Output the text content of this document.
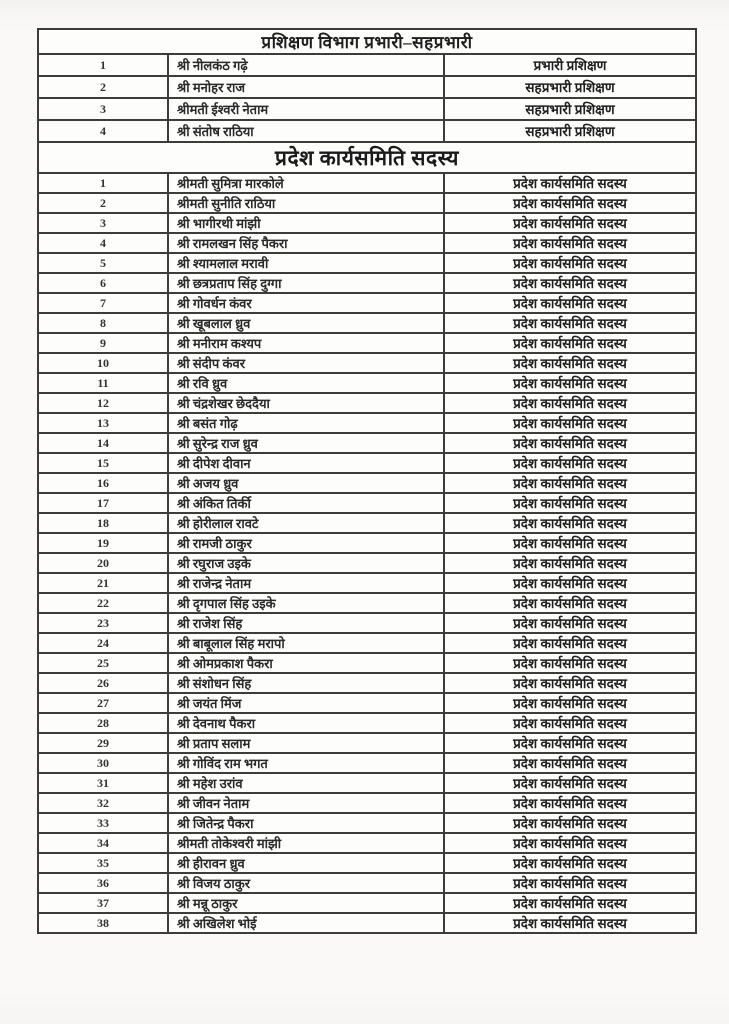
प्रशिक्षण विभाग प्रभारी–सहप्रभारी		
1	श्री नीलकंठ गढ़े	प्रभारी प्रशिक्षण
2	श्री मनोहर राज	सहप्रभारी प्रशिक्षण
3	श्रीमती ईश्वरी नेताम	सहप्रभारी प्रशिक्षण
4	श्री संतोष राठिया	सहप्रभारी प्रशिक्षण
प्रदेश कार्यसमिति सदस्य		
1	श्रीमती सुमित्रा मारकोले	प्रदेश कार्यसमिति सदस्य
2	श्रीमती सुनीति राठिया	प्रदेश कार्यसमिति सदस्य
3	श्री भागीरथी मांझी	प्रदेश कार्यसमिति सदस्य
4	श्री रामलखन सिंह पैकरा	प्रदेश कार्यसमिति सदस्य
5	श्री श्यामलाल मरावी	प्रदेश कार्यसमिति सदस्य
6	श्री छत्रप्रताप सिंह दुग्गा	प्रदेश कार्यसमिति सदस्य
7	श्री गोवर्धन कंवर	प्रदेश कार्यसमिति सदस्य
8	श्री खूबलाल ध्रुव	प्रदेश कार्यसमिति सदस्य
9	श्री मनीराम कश्यप	प्रदेश कार्यसमिति सदस्य
10	श्री संदीप कंवर	प्रदेश कार्यसमिति सदस्य
11	श्री रवि ध्रुव	प्रदेश कार्यसमिति सदस्य
12	श्री चंद्रशेखर छेददैया	प्रदेश कार्यसमिति सदस्य
13	श्री बसंत गोढ़	प्रदेश कार्यसमिति सदस्य
14	श्री सुरेन्द्र राज ध्रुव	प्रदेश कार्यसमिति सदस्य
15	श्री दीपेश दीवान	प्रदेश कार्यसमिति सदस्य
16	श्री अजय ध्रुव	प्रदेश कार्यसमिति सदस्य
17	श्री अंकित तिर्की	प्रदेश कार्यसमिति सदस्य
18	श्री होरीलाल रावटे	प्रदेश कार्यसमिति सदस्य
19	श्री रामजी ठाकुर	प्रदेश कार्यसमिति सदस्य
20	श्री रघुराज उइके	प्रदेश कार्यसमिति सदस्य
21	श्री राजेन्द्र नेताम	प्रदेश कार्यसमिति सदस्य
22	श्री दृगपाल सिंह उइके	प्रदेश कार्यसमिति सदस्य
23	श्री राजेश सिंह	प्रदेश कार्यसमिति सदस्य
24	श्री बाबूलाल सिंह मरापो	प्रदेश कार्यसमिति सदस्य
25	श्री ओमप्रकाश पैकरा	प्रदेश कार्यसमिति सदस्य
26	श्री संशोधन सिंह	प्रदेश कार्यसमिति सदस्य
27	श्री जयंत मिंज	प्रदेश कार्यसमिति सदस्य
28	श्री देवनाथ पैकरा	प्रदेश कार्यसमिति सदस्य
29	श्री प्रताप सलाम	प्रदेश कार्यसमिति सदस्य
30	श्री गोविंद राम भगत	प्रदेश कार्यसमिति सदस्य
31	श्री महेश उरांव	प्रदेश कार्यसमिति सदस्य
32	श्री जीवन नेताम	प्रदेश कार्यसमिति सदस्य
33	श्री जितेन्द्र पैकरा	प्रदेश कार्यसमिति सदस्य
34	श्रीमती तोकेश्वरी मांझी	प्रदेश कार्यसमिति सदस्य
35	श्री हीरावन ध्रुव	प्रदेश कार्यसमिति सदस्य
36	श्री विजय ठाकुर	प्रदेश कार्यसमिति सदस्य
37	श्री मन्नू ठाकुर	प्रदेश कार्यसमिति सदस्य
38	श्री अखिलेश भोई	प्रदेश कार्यसमिति सदस्य
